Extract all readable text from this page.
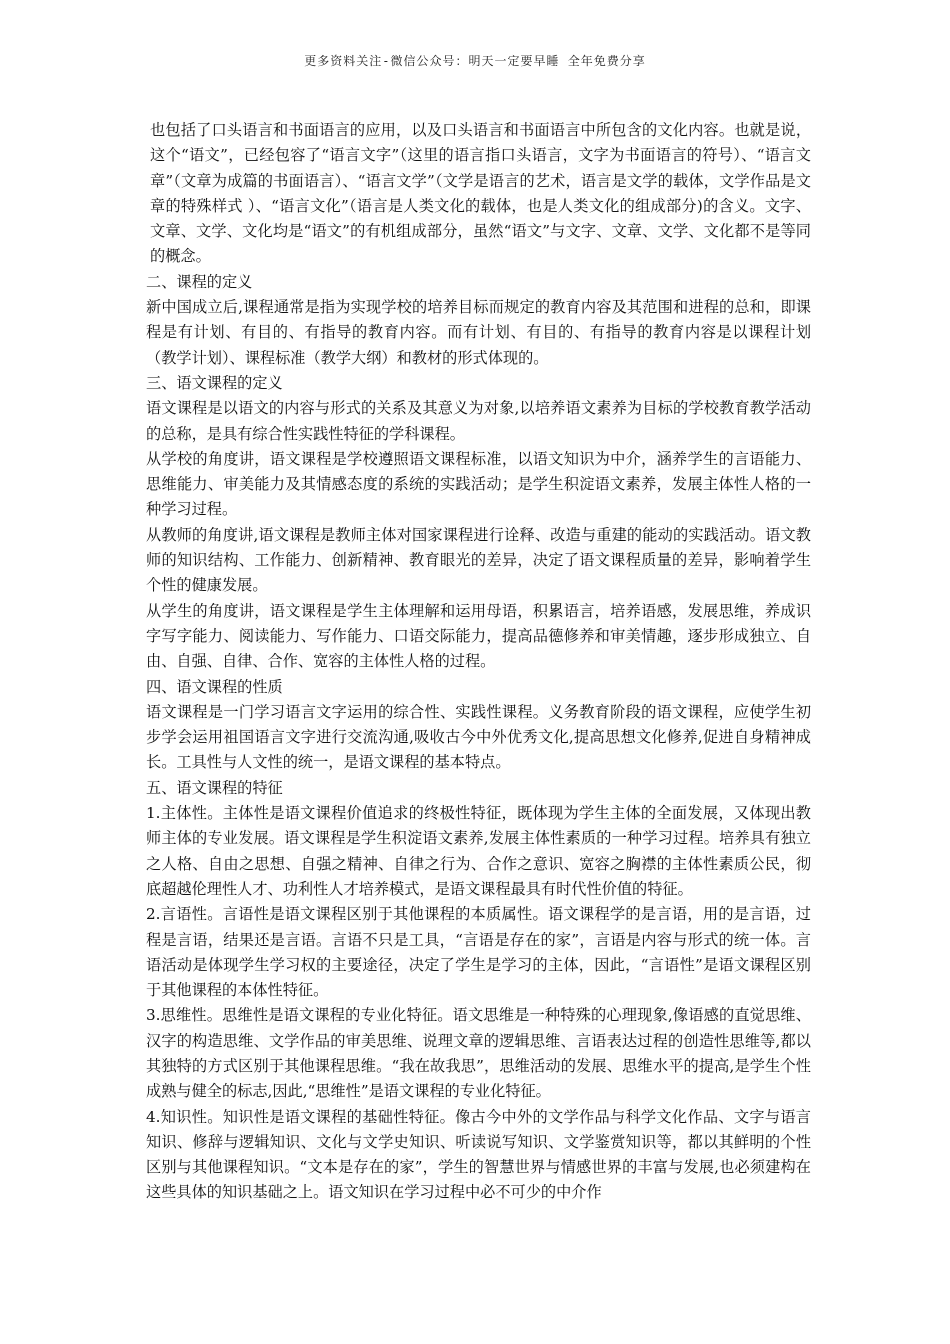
更多资料关注-微信公众号：明天一定要早睡 全年免费分享

也包括了口头语言和书面语言的应用，以及口头语言和书面语言中所包含的文化内容。也就是说，这个“语文”，已经包容了“语言文字”（这里的语言指口头语言，文字为书面语言的符号）、“语言文章”（文章为成篇的书面语言）、“语言文学”（文学是语言的艺术，语言是文学的载体，文学作品是文章的特殊样式 ）、“语言文化”（语言是人类文化的载体，也是人类文化的组成部分)的含义。文字、文章、文学、文化均是“语文”的有机组成部分，虽然“语文”与文字、文章、文学、文化都不是等同的概念。

二、课程的定义

新中国成立后,课程通常是指为实现学校的培养目标而规定的教育内容及其范围和进程的总和，即课程是有计划、有目的、有指导的教育内容。而有计划、有目的、有指导的教育内容是以课程计划（教学计划）、课程标准（教学大纲）和教材的形式体现的。

三、语文课程的定义

语文课程是以语文的内容与形式的关系及其意义为对象,以培养语文素养为目标的学校教育教学活动的总称，是具有综合性实践性特征的学科课程。

从学校的角度讲，语文课程是学校遵照语文课程标准，以语文知识为中介，涵养学生的言语能力、思维能力、审美能力及其情感态度的系统的实践活动；是学生积淀语文素养，发展主体性人格的一种学习过程。

从教师的角度讲,语文课程是教师主体对国家课程进行诠释、改造与重建的能动的实践活动。语文教师的知识结构、工作能力、创新精神、教育眼光的差异，决定了语文课程质量的差异，影响着学生个性的健康发展。

从学生的角度讲，语文课程是学生主体理解和运用母语，积累语言，培养语感，发展思维，养成识字写字能力、阅读能力、写作能力、口语交际能力，提高品德修养和审美情趣，逐步形成独立、自由、自强、自律、合作、宽容的主体性人格的过程。

四、语文课程的性质

语文课程是一门学习语言文字运用的综合性、实践性课程。义务教育阶段的语文课程，应使学生初步学会运用祖国语言文字进行交流沟通,吸收古今中外优秀文化,提高思想文化修养,促进自身精神成长。工具性与人文性的统一，是语文课程的基本特点。

五、语文课程的特征

1.主体性。主体性是语文课程价值追求的终极性特征，既体现为学生主体的全面发展，又体现出教师主体的专业发展。语文课程是学生积淀语文素养,发展主体性素质的一种学习过程。培养具有独立之人格、自由之思想、自强之精神、自律之行为、合作之意识、宽容之胸襟的主体性素质公民，彻底超越伦理性人才、功利性人才培养模式，是语文课程最具有时代性价值的特征。

2.言语性。言语性是语文课程区别于其他课程的本质属性。语文课程学的是言语，用的是言语，过程是言语，结果还是言语。言语不只是工具，“言语是存在的家”，言语是内容与形式的统一体。言语活动是体现学生学习权的主要途径，决定了学生是学习的主体，因此，“言语性”是语文课程区别于其他课程的本体性特征。

3.思维性。思维性是语文课程的专业化特征。语文思维是一种特殊的心理现象,像语感的直觉思维、汉字的构造思维、文学作品的审美思维、说理文章的逻辑思维、言语表达过程的创造性思维等,都以其独特的方式区别于其他课程思维。“我在故我思”，思维活动的发展、思维水平的提高,是学生个性成熟与健全的标志,因此,“思维性”是语文课程的专业化特征。

4.知识性。知识性是语文课程的基础性特征。像古今中外的文学作品与科学文化作品、文字与语言知识、修辞与逻辑知识、文化与文学史知识、听读说写知识、文学鉴赏知识等，都以其鲜明的个性区别与其他课程知识。“文本是存在的家”，学生的智慧世界与情感世界的丰富与发展,也必须建构在这些具体的知识基础之上。语文知识在学习过程中必不可少的中介作
